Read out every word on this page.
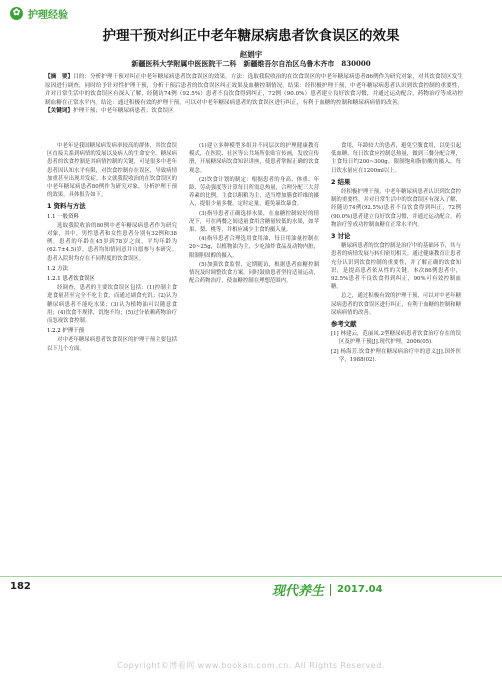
✿ 护理经验
护理干预对纠正中老年糖尿病患者饮食误区的效果
赵娟宇
新疆医科大学附属中医医院干二科　新疆维吾尔自治区乌鲁木齐市　830000
【摘　要】目的：分析护理干预对纠正中老年糖尿病患者饮食误区的效果。方法：选取我院收治的在饮食误区的中老年糖尿病患者86例作为研究对象，对其饮食误区发生原因进行调查，同时给予针对性护理干预，分析干预后患者的饮食误区纠正效果及血糖控制情况。结果：经积极护理干预，中老年糖尿病患者认识到饮食控制的重要性，并对日常生活中的饮食误区有深入了解，经随访74例（92.5%）患者不良饮食得到纠正，72例（90.0%）患者建立良好饮食习惯，并通过运动配合，药物治疗等成功控制血糖在正常水平内。结论：通过积极有效的护理干预，可以对中老年糖尿病患者的饮食误区进行纠正，有利于血糖的控制和糖尿病病情的改善。
【关键词】护理干预；中老年糖尿病患者；饮食误区

中老年是我国糖尿病发病率较高的群体，其饮食误区直接关系到病情的发展以及病人的生命安全。糖尿病患者的饮食控制是其病情控制的关键，可是很多中老年患者因认知水平有限，对饮食控制存在误区，导致病情加重甚至出现并发症。本文就我院收治的在饮食误区的中老年糖尿病患者80例作为研究对象，分析护理干预的效果，具体报告如下。

1 资料与方法
1.1 一般资料

选取我院收治的80例中老年糖尿病患者作为研究对象，其中，男性患者和女性患者分别有32例和38例，患者的年龄在45岁到78岁之间，平均年龄为(62.7±4.5)岁。患者均知情同意并自愿参与本研究。患者入院时均存在不同程度的饮食误区。

1.2 方法
1.2.1 患者饮食误区

经调查，患者的主要饮食误区包括：(1)控制主食进食量甚至完全不吃主食，而通过副食充饥；(2)认为糖尿病患者不能吃水果；(3)认为植物油可以随意食用；(4)饮食不规律，饥饱不均；(5)过分依赖药物治疗而忽视饮食控制。

1.2.2 护理干预

对中老年糖尿病患者饮食误区的护理干预主要包括以下几个方面。

(1)建立多种模型多组并不同层次的护理健康教育模式，在医院、社区等公共场所张贴宣传画，发放宣传册，开展糖尿病饮食知识讲座，使患者掌握正确的饮食观念。

(2)饮食计划的制定：根据患者的身高、体重、年龄、劳动强度等计算每日所需总热量，合理分配三大营养素的比例，主食以粗粮为主，适当增加膳食纤维的摄入，提倡少量多餐，定时定量，避免暴饮暴食。

(3)指导患者正确选择水果，在血糖控制较好的情况下，可在两餐之间适量食用含糖量较低的水果，如苹果、梨、桃等，并相应减少主食的摄入量。

(4)指导患者合理选用食用油，每日用油量控制在20~25g，以植物油为主，少吃油炸食品及动物内脏，限制胆固醇的摄入。

(5)加强饮食监督，定期随访，根据患者血糖控制情况及时调整饮食方案，同时鼓励患者坚持适量运动，配合药物治疗，使血糖控制在理想范围内。

食用，年龄较大的患者，避免空腹食用，以免引起低血糖。每日饮食应控制总热量，做到三餐分配合理，主食每日约200~300g，限制饱和脂肪酸的摄入，每日饮水量应在1200ml以上。

2 结果

经积极护理干预，中老年糖尿病患者认识到饮食控制的重要性，并对日常生活中的饮食误区有深入了解，经随访74例(92.5%)患者不良饮食得到纠正，72例(90.0%)患者建立良好饮食习惯，并通过运动配合，药物治疗等成功控制血糖在正常水平内。

3 讨论

糖尿病患者的饮食控制是治疗中的基础环节，其与患者的病情发展与转归密切相关。通过健康教育让患者充分认识到饮食控制的重要性，并了解正确的饮食知识，是提高患者依从性的关键。本次86例患者中，92.5%患者不良饮食得到纠正，90%可有效控制血糖。

总之，通过积极有效的护理干预，可以对中老年糖尿病患者的饮食误区进行纠正，有利于血糖的控制和糖尿病病情的改善。

参考文献

[1] 林建云，范丽凤.2型糖尿病患者饮食治疗存在的误区及护理干预[J].现代护理，2006(05).

[2] 杨海芳.饮食护理在糖尿病治疗中的意义[J].国外医学，1988(02).

182	现代养生 2017.04
Copyright©博看网 www.bookan.com.cn. All Rights Reserved.
